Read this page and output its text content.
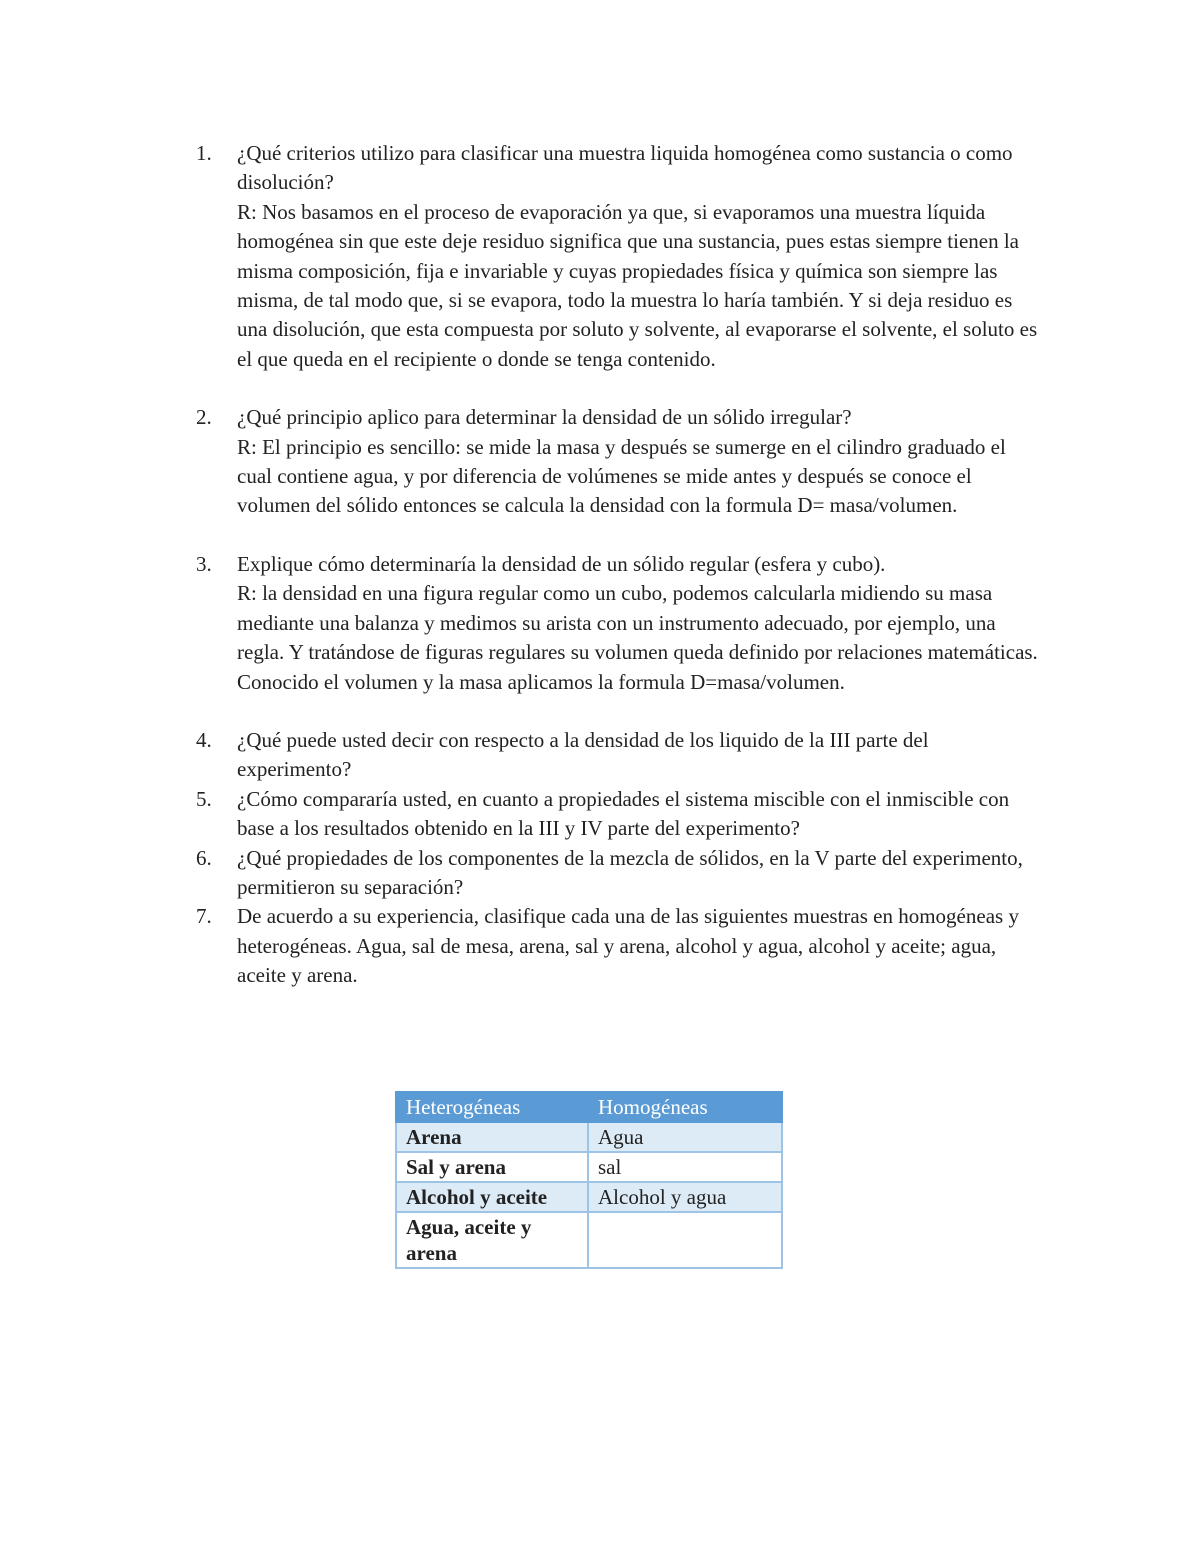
1.	¿Qué criterios utilizo para clasificar una muestra liquida homogénea como sustancia o como disolución?
R: Nos basamos en el proceso de evaporación ya que, si evaporamos una muestra líquida homogénea sin que este deje residuo significa que una sustancia, pues estas siempre tienen la misma composición, fija e invariable y cuyas propiedades física y química son siempre las misma, de tal modo que, si se evapora, todo la muestra lo haría también. Y si deja residuo es una disolución, que esta compuesta por soluto y solvente, al evaporarse el solvente, el soluto es el que queda en el recipiente o donde se tenga contenido.
2.	¿Qué principio aplico para determinar la densidad de un sólido irregular?
R: El principio es sencillo: se mide la masa y después se sumerge en el cilindro graduado el cual contiene agua, y por diferencia de volúmenes se mide antes y después se conoce el volumen del sólido entonces se calcula la densidad con la formula D= masa/volumen.
3.	Explique cómo determinaría la densidad de un sólido regular (esfera y cubo).
R: la densidad en una figura regular como un cubo, podemos calcularla midiendo su masa mediante una balanza y medimos su arista con un instrumento adecuado, por ejemplo, una regla. Y tratándose de figuras regulares su volumen queda definido por relaciones matemáticas. Conocido el volumen y la masa aplicamos la formula D=masa/volumen.
4.	¿Qué puede usted decir con respecto a la densidad de los liquido de la III parte del experimento?
5.	¿Cómo compararía usted, en cuanto a propiedades el sistema miscible con el inmiscible con base a los resultados obtenido en la III y IV parte del experimento?
6.	¿Qué propiedades de los componentes de la mezcla de sólidos, en la V parte del experimento, permitieron su separación?
7.	De acuerdo a su experiencia, clasifique cada una de las siguientes muestras en homogéneas y heterogéneas. Agua, sal de mesa, arena, sal y arena, alcohol y agua, alcohol y aceite; agua, aceite y arena.
Heterogéneas	Homogéneas
Arena	Agua
Sal y arena	sal
Alcohol y aceite	Alcohol y agua
Agua, aceite y arena	
